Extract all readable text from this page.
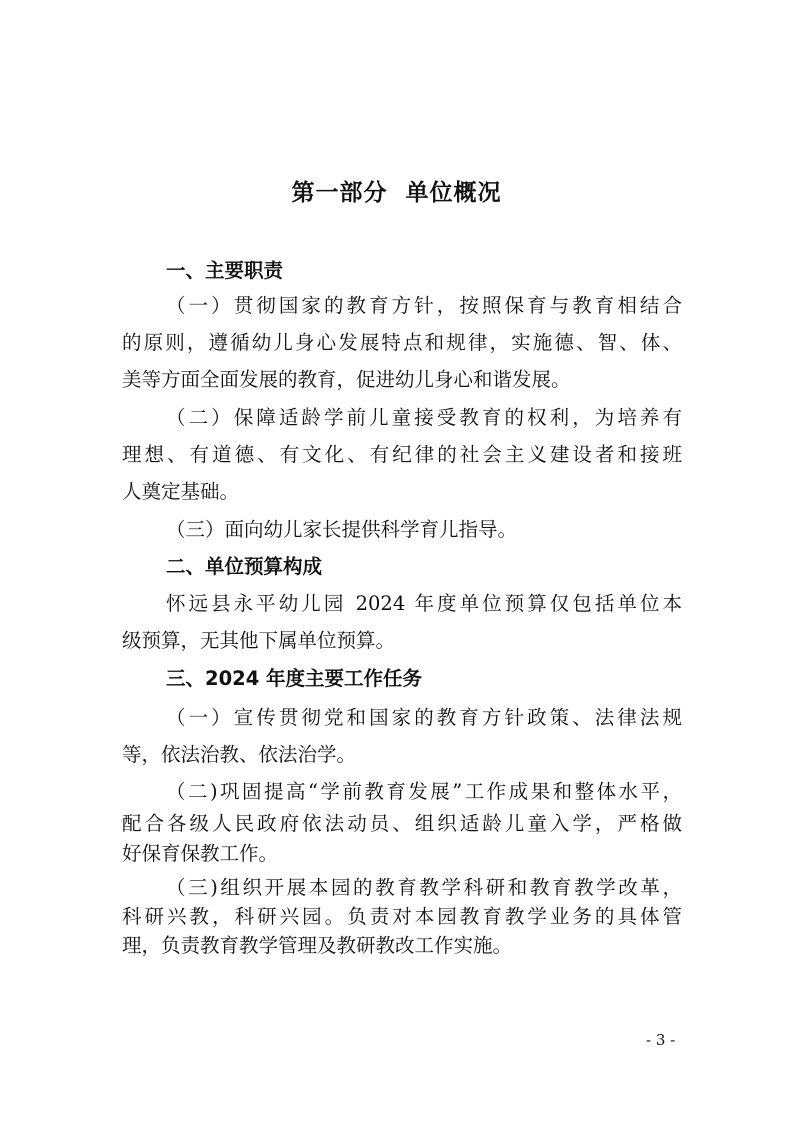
第一部分  单位概况
一、主要职责
（一）贯彻国家的教育方针，按照保育与教育相结合
的原则，遵循幼儿身心发展特点和规律，实施德、智、体、
美等方面全面发展的教育，促进幼儿身心和谐发展。
（二）保障适龄学前儿童接受教育的权利，为培养有
理想、有道德、有文化、有纪律的社会主义建设者和接班
人奠定基础。
（三）面向幼儿家长提供科学育儿指导。
二、单位预算构成
怀远县永平幼儿园 2024 年度单位预算仅包括单位本
级预算，无其他下属单位预算。
三、2024 年度主要工作任务
（一）宣传贯彻党和国家的教育方针政策、法律法规
等，依法治教、依法治学。
（二)巩固提高“学前教育发展”工作成果和整体水平，
配合各级人民政府依法动员、组织适龄儿童入学，严格做
好保育保教工作。
（三)组织开展本园的教育教学科研和教育教学改革，
科研兴教，科研兴园。负责对本园教育教学业务的具体管
理，负责教育教学管理及教研教改工作实施。
- 3 -
